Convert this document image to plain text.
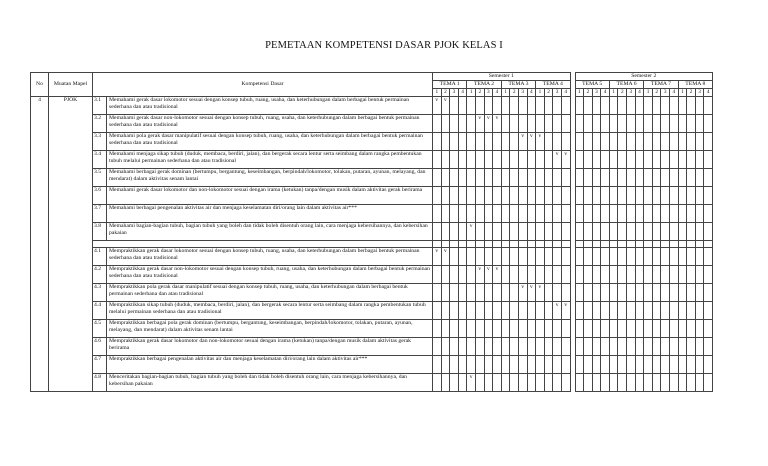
PEMETAAN KOMPETENSI DASAR PJOK KELAS I
No	Muatan Mapel	Kompetensi Dasar		Semester 1																	Semester 2															
				TEMA 1				TEMA 2				TEMA 3				TEMA 4					TEMA 5				TEMA 6				TEMA 7				TEMA 8			
				1	2	3	4	1	2	3	4	1	2	3	4	1	2	3	4		1	2	3	4	1	2	3	4	1	2	3	4	1	2	3	4
4	PJOK	3.1	Memahami gerak dasar lokomotor sesuai dengan konsep tubuh, ruang, usaha, dan keterhubungan dalam berbagai bentuk permainan sederhana dan atau tradisional	v	v																															
		3.2	Memahami gerak dasar non-lokomotor sesuai dengan konsep tubuh, ruang, usaha, dan keterhubungan dalam berbagai bentuk permainan sederhana dan atau tradisional						v	v	v																									
		3.3	Memahami pola gerak dasar manipulatif sesuai dengan konsep tubuh, ruang, usaha, dan keterhubungan dalam berbagai bentuk permainan sederhana dan atau tradisional											v	v	v																				
		3.4	Memahami menjaga sikap tubuh (duduk, membaca, berdiri, jalan), dan bergerak secara lentur serta seimbang dalam rangka pembentukan tubuh melalui permainan sederhana dan atau tradisional															v	v																	
		3.5	Memahami berbagai gerak dominan (bertumpu, bergantung, keseimbangan, berpindah/lokomotor, tolakan, putaran, ayunan, melayang, dan mendarat) dalam aktivitas senam lantai																																	
		3.6	Memahami gerak dasar lokomotor dan non-lokomotor sesuai dengan irama (ketukan) tanpa/dengan musik dalam aktivitas gerak berirama																																	
		3.7	Memahami berbagai pengenalan aktivitas air dan menjaga keselamatan diri/orang lain dalam aktivitas air***																																	
		3.8	Memahami bagian-bagian tubuh, bagian tubuh yang boleh dan tidak boleh disentuh orang lain, cara menjaga kebersihannya, dan kebersihan pakaian					v																												

		4.1	Mempraktikkan gerak dasar lokomotor sesuai dengan konsep tubuh, ruang, usaha, dan keterhubungan dalam berbagai bentuk permainan sederhana dan atau tradisional	v	v																															
		4.2	Mempraktikkan gerak dasar non-lokomotor sesuai dengan konsep tubuh, ruang, usaha, dan keterhubungan dalam berbagai bentuk permainan sederhana dan atau tradisional						v	v	v																									
		4.3	Mempraktikkan pola gerak dasar manipulatif sesuai dengan konsep tubuh, ruang, usaha, dan keterhubungan dalam berbagai bentuk permainan sederhana dan atau tradisional											v	v	v																				
		4.4	Mempraktikkan sikap tubuh (duduk, membaca, berdiri, jalan), dan bergerak secara lentur serta seimbang dalam rangka pembentukan tubuh melalui permainan sederhana dan atau tradisional															v	v																	
		4.5	Mempraktikkan berbagai pola gerak dominan (bertumpu, bergantung, keseimbangan, berpindah/lokomotor, tolakan, putaran, ayunan, melayang, dan mendarat) dalam aktivitas senam lantai																																	
		4.6	Mempraktikkan gerak dasar lokomotor dan non-lokomotor sesuai dengan irama (ketukan) tanpa/dengan musik dalam aktivitas gerak berirama																																	
		4.7	Mempraktikkan berbagai pengenalan aktivitas air dan menjaga keselamatan diri/orang lain dalam aktivitas air***																																	
		4.8	Menceritakan bagian-bagian tubuh, bagian tubuh yang boleh dan tidak boleh disentuh orang lain, cara menjaga kebersihannya, dan kebersihan pakaian					v																												
